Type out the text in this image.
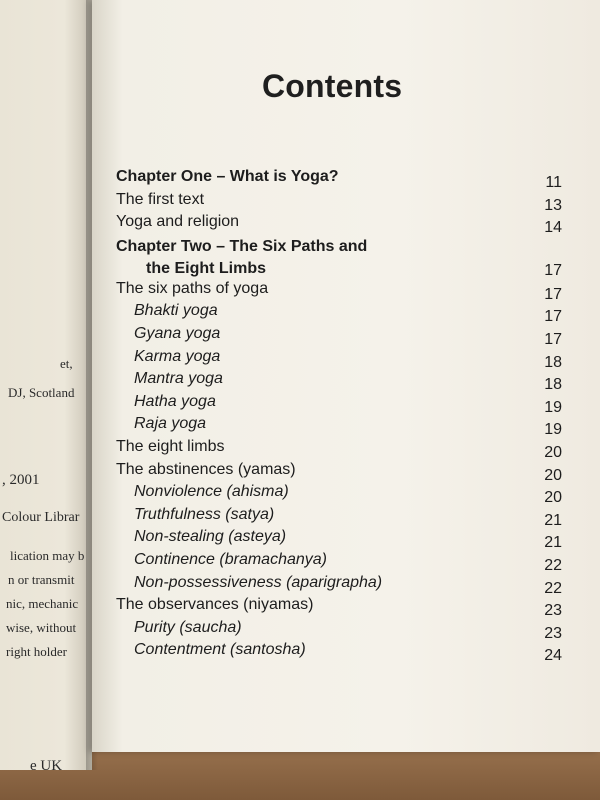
et,
DJ, Scotland
, 2001
Colour Librar
lication may b
n or transmit
nic, mechanic
wise, without
right holder
e UK
Contents
Chapter One – What is Yoga?	11
The first text	13
Yoga and religion	14
Chapter Two – The Six Paths and
the Eight Limbs	17
The six paths of yoga	17
Bhakti yoga	17
Gyana yoga	17
Karma yoga	18
Mantra yoga	18
Hatha yoga	19
Raja yoga	19
The eight limbs	20
The abstinences (yamas)	20
Nonviolence (ahisma)	20
Truthfulness (satya)	21
Non-stealing (asteya)	21
Continence (bramachanya)	22
Non-possessiveness (aparigrapha)	22
The observances (niyamas)	23
Purity (saucha)	23
Contentment (santosha)	24
